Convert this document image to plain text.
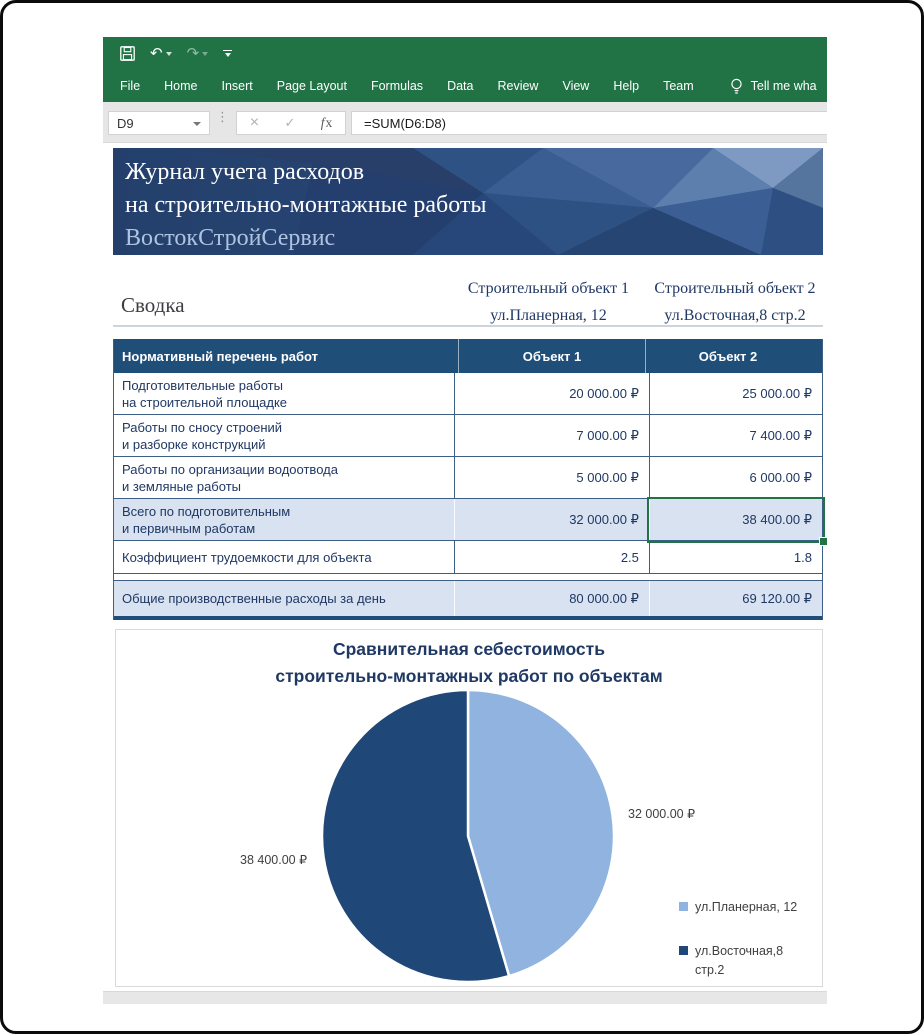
↶ ↷
File Home Insert Page Layout Formulas Data Review View Help Team	Tell me wha
D9	⋮ × ✓ fx =SUM(D6:D8)
Журнал учета расходов
на строительно-монтажные работы
ВостокСтройСервис
Сводка
Строительный объект 1
ул.Планерная, 12
Строительный объект 2
ул.Восточная,8 стр.2
Нормативный перечень работ	Объект 1	Объект 2
Подготовительные работы
на строительной площадке
20 000.00 ₽	25 000.00 ₽
Работы по сносу строений
и разборке конструкций
7 000.00 ₽	7 400.00 ₽
Работы по организации водоотвода
и земляные работы
5 000.00 ₽	6 000.00 ₽
Всего по подготовительным
и первичным работам
32 000.00 ₽	38 400.00 ₽
Коэффициент трудоемкости для объекта	2.5	1.8
Общие производственные расходы за день	80 000.00 ₽	69 120.00 ₽
Сравнительная себестоимость
строительно-монтажных работ по объектам
32 000.00 ₽
38 400.00 ₽
ул.Планерная, 12
ул.Восточная,8
стр.2
